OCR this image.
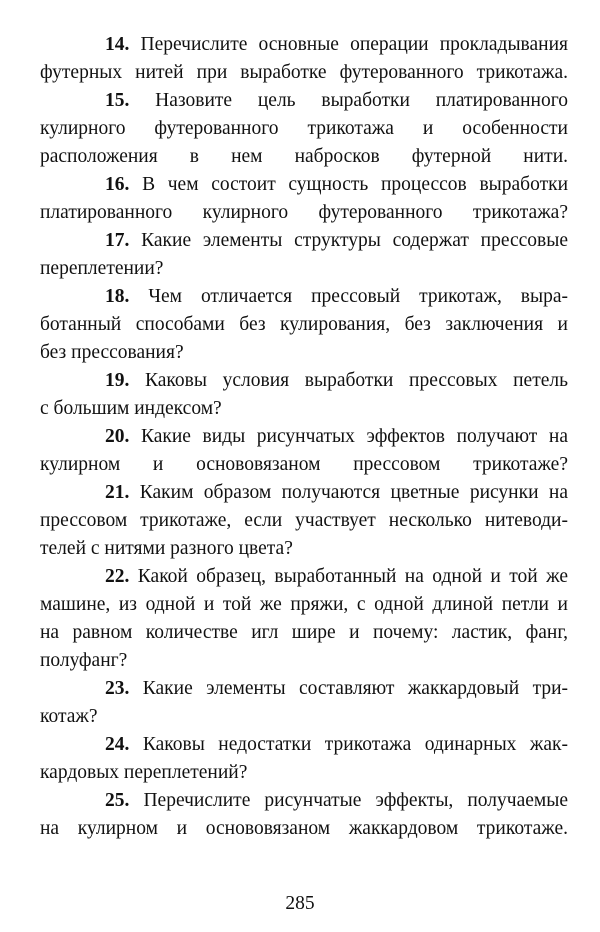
14. Перечислите основные операции прокладывания
футерных нитей при выработке футерованного трикотажа.
15. Назовите цель выработки платированного
кулирного футерованного трикотажа и особенности
расположения в нем набросков футерной нити.
16. В чем состоит сущность процессов выработки
платированного кулирного футерованного трикотажа?
17. Какие элементы структуры содержат прессовые
переплетении?
18. Чем отличается прессовый трикотаж, выра-
ботанный способами без кулирования, без заключения и
без прессования?
19. Каковы условия выработки прессовых петель
с большим индексом?
20. Какие виды рисунчатых эффектов получают на
кулирном и основовязаном прессовом трикотаже?
21. Каким образом получаются цветные рисунки на
прессовом трикотаже, если участвует несколько нитеводи-
телей с нитями разного цвета?
22. Какой образец, выработанный на одной и той же
машине, из одной и той же пряжи, с одной длиной петли и
на равном количестве игл шире и почему: ластик, фанг,
полуфанг?
23. Какие элементы составляют жаккардовый три-
котаж?
24. Каковы недостатки трикотажа одинарных жак-
кардовых переплетений?
25. Перечислите рисунчатые эффекты, получаемые
на кулирном и основовязаном жаккардовом трикотаже.
285
